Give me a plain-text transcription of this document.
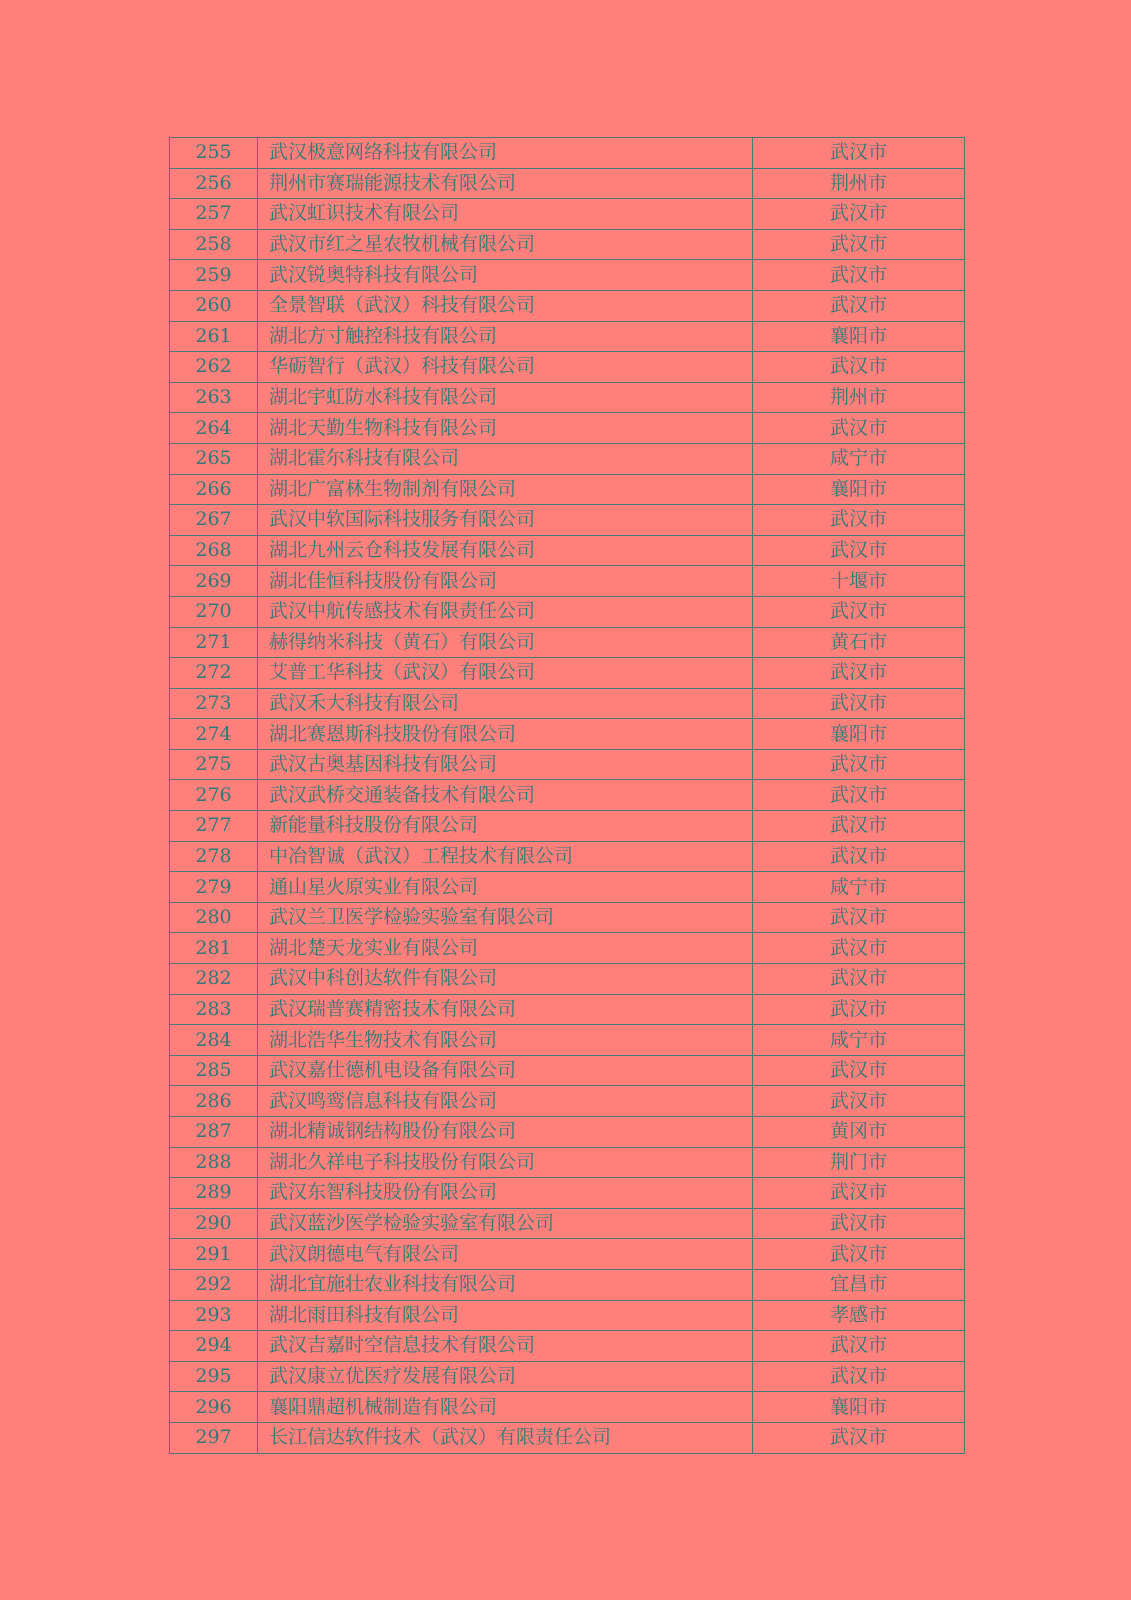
255	武汉极意网络科技有限公司	武汉市
256	荆州市赛瑞能源技术有限公司	荆州市
257	武汉虹识技术有限公司	武汉市
258	武汉市红之星农牧机械有限公司	武汉市
259	武汉锐奥特科技有限公司	武汉市
260	全景智联（武汉）科技有限公司	武汉市
261	湖北方寸触控科技有限公司	襄阳市
262	华砺智行（武汉）科技有限公司	武汉市
263	湖北宇虹防水科技有限公司	荆州市
264	湖北天勤生物科技有限公司	武汉市
265	湖北霍尔科技有限公司	咸宁市
266	湖北广富林生物制剂有限公司	襄阳市
267	武汉中软国际科技服务有限公司	武汉市
268	湖北九州云仓科技发展有限公司	武汉市
269	湖北佳恒科技股份有限公司	十堰市
270	武汉中航传感技术有限责任公司	武汉市
271	赫得纳米科技（黄石）有限公司	黄石市
272	艾普工华科技（武汉）有限公司	武汉市
273	武汉禾大科技有限公司	武汉市
274	湖北赛恩斯科技股份有限公司	襄阳市
275	武汉古奥基因科技有限公司	武汉市
276	武汉武桥交通装备技术有限公司	武汉市
277	新能量科技股份有限公司	武汉市
278	中冶智诚（武汉）工程技术有限公司	武汉市
279	通山星火原实业有限公司	咸宁市
280	武汉兰卫医学检验实验室有限公司	武汉市
281	湖北楚天龙实业有限公司	武汉市
282	武汉中科创达软件有限公司	武汉市
283	武汉瑞普赛精密技术有限公司	武汉市
284	湖北浩华生物技术有限公司	咸宁市
285	武汉嘉仕德机电设备有限公司	武汉市
286	武汉鸣鸾信息科技有限公司	武汉市
287	湖北精诚钢结构股份有限公司	黄冈市
288	湖北久祥电子科技股份有限公司	荆门市
289	武汉东智科技股份有限公司	武汉市
290	武汉蓝沙医学检验实验室有限公司	武汉市
291	武汉朗德电气有限公司	武汉市
292	湖北宜施壮农业科技有限公司	宜昌市
293	湖北雨田科技有限公司	孝感市
294	武汉吉嘉时空信息技术有限公司	武汉市
295	武汉康立优医疗发展有限公司	武汉市
296	襄阳鼎超机械制造有限公司	襄阳市
297	长江信达软件技术（武汉）有限责任公司	武汉市
